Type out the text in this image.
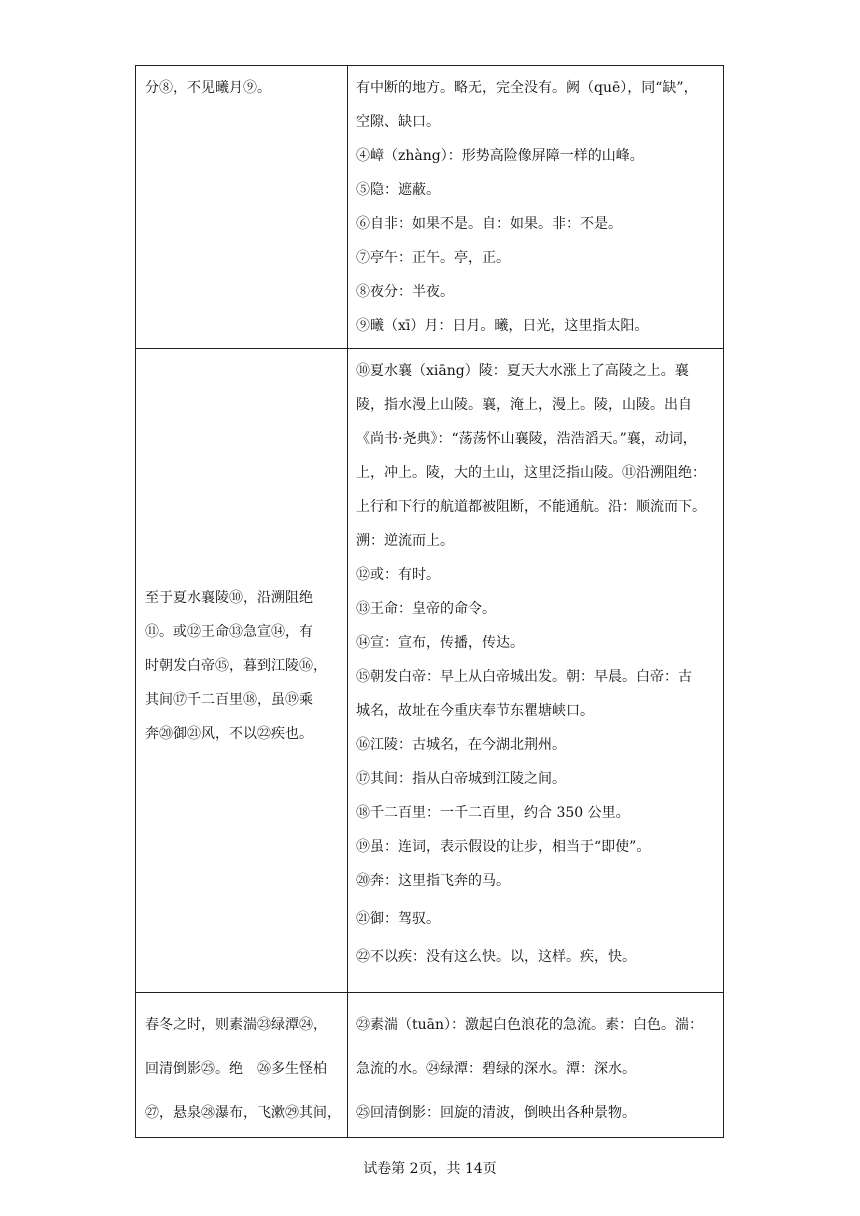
分⑧，不见曦月⑨。	有中断的地方。略无，完全没有。阙（quē），同“缺”，
空隙、缺口。
④嶂（zhàng）：形势高险像屏障一样的山峰。
⑤隐：遮蔽。
⑥自非：如果不是。自：如果。非：不是。
⑦亭午：正午。亭，正。
⑧夜分：半夜。
⑨曦（xī）月：日月。曦，日光，这里指太阳。
至于夏水襄陵⑩，沿溯阻绝
⑪。或⑫王命⑬急宣⑭，有
时朝发白帝⑮，暮到江陵⑯，
其间⑰千二百里⑱，虽⑲乘
奔⑳御㉑风，不以㉒疾也。
⑩夏水襄（xiāng）陵：夏天大水涨上了高陵之上。襄
陵，指水漫上山陵。襄，淹上，漫上。陵，山陵。出自
《尚书·尧典》：“荡荡怀山襄陵，浩浩滔天。”襄，动词，
上，冲上。陵，大的土山，这里泛指山陵。⑪沿溯阻绝：
上行和下行的航道都被阻断，不能通航。沿：顺流而下。
溯：逆流而上。
⑫或：有时。
⑬王命：皇帝的命令。
⑭宣：宣布，传播，传达。
⑮朝发白帝：早上从白帝城出发。朝：早晨。白帝：古
城名，故址在今重庆奉节东瞿塘峡口。
⑯江陵：古城名，在今湖北荆州。
⑰其间：指从白帝城到江陵之间。
⑱千二百里：一千二百里，约合 350 公里。
⑲虽：连词，表示假设的让步，相当于“即使”。
⑳奔：这里指飞奔的马。
㉑御：驾驭。
㉒不以疾：没有这么快。以，这样。疾，快。
春冬之时，则素湍㉓绿潭㉔，
回清倒影㉕。绝　㉖多生怪柏
㉗，悬泉㉘瀑布，飞漱㉙其间，
㉓素湍（tuān）：激起白色浪花的急流。素：白色。湍：
急流的水。㉔绿潭：碧绿的深水。潭：深水。
㉕回清倒影：回旋的清波，倒映出各种景物。
试卷第 2页，共 14页
